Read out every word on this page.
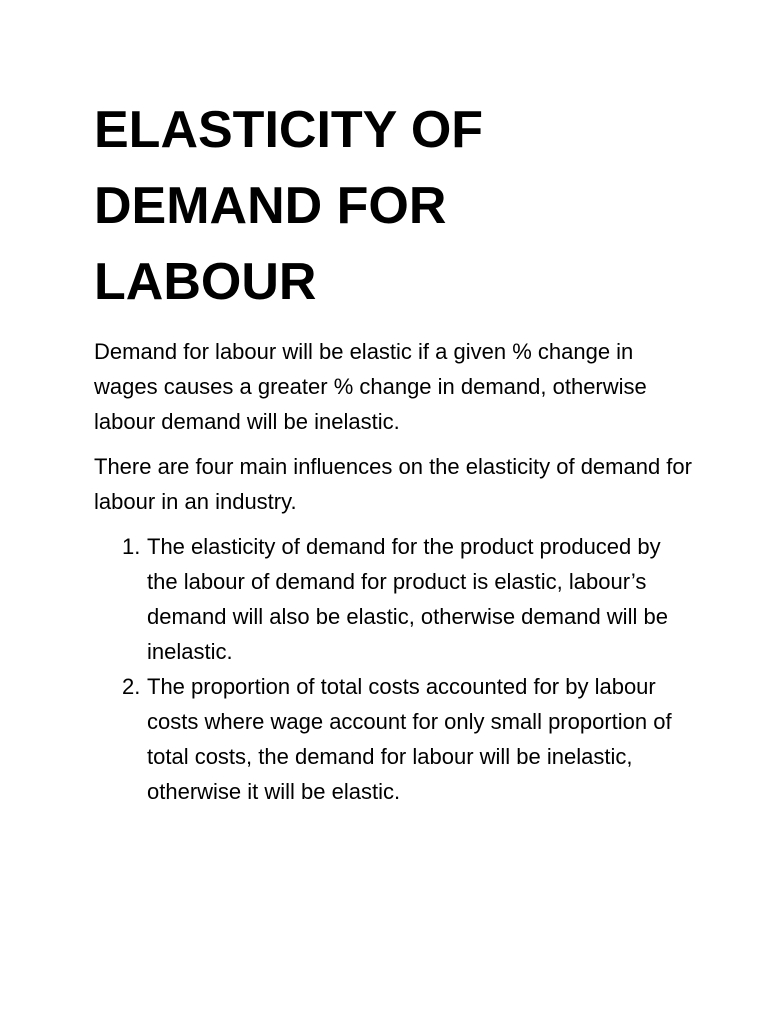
ELASTICITY OF
DEMAND FOR
LABOUR

Demand for labour will be elastic if a given % change in wages causes a greater % change in demand, otherwise labour demand will be inelastic.

There are four main influences on the elasticity of demand for labour in an industry.

1. The elasticity of demand for the product produced by the labour of demand for product is elastic, labour’s demand will also be elastic, otherwise demand will be inelastic.
2. The proportion of total costs accounted for by labour costs where wage account for only small proportion of total costs, the demand for labour will be inelastic, otherwise it will be elastic.
